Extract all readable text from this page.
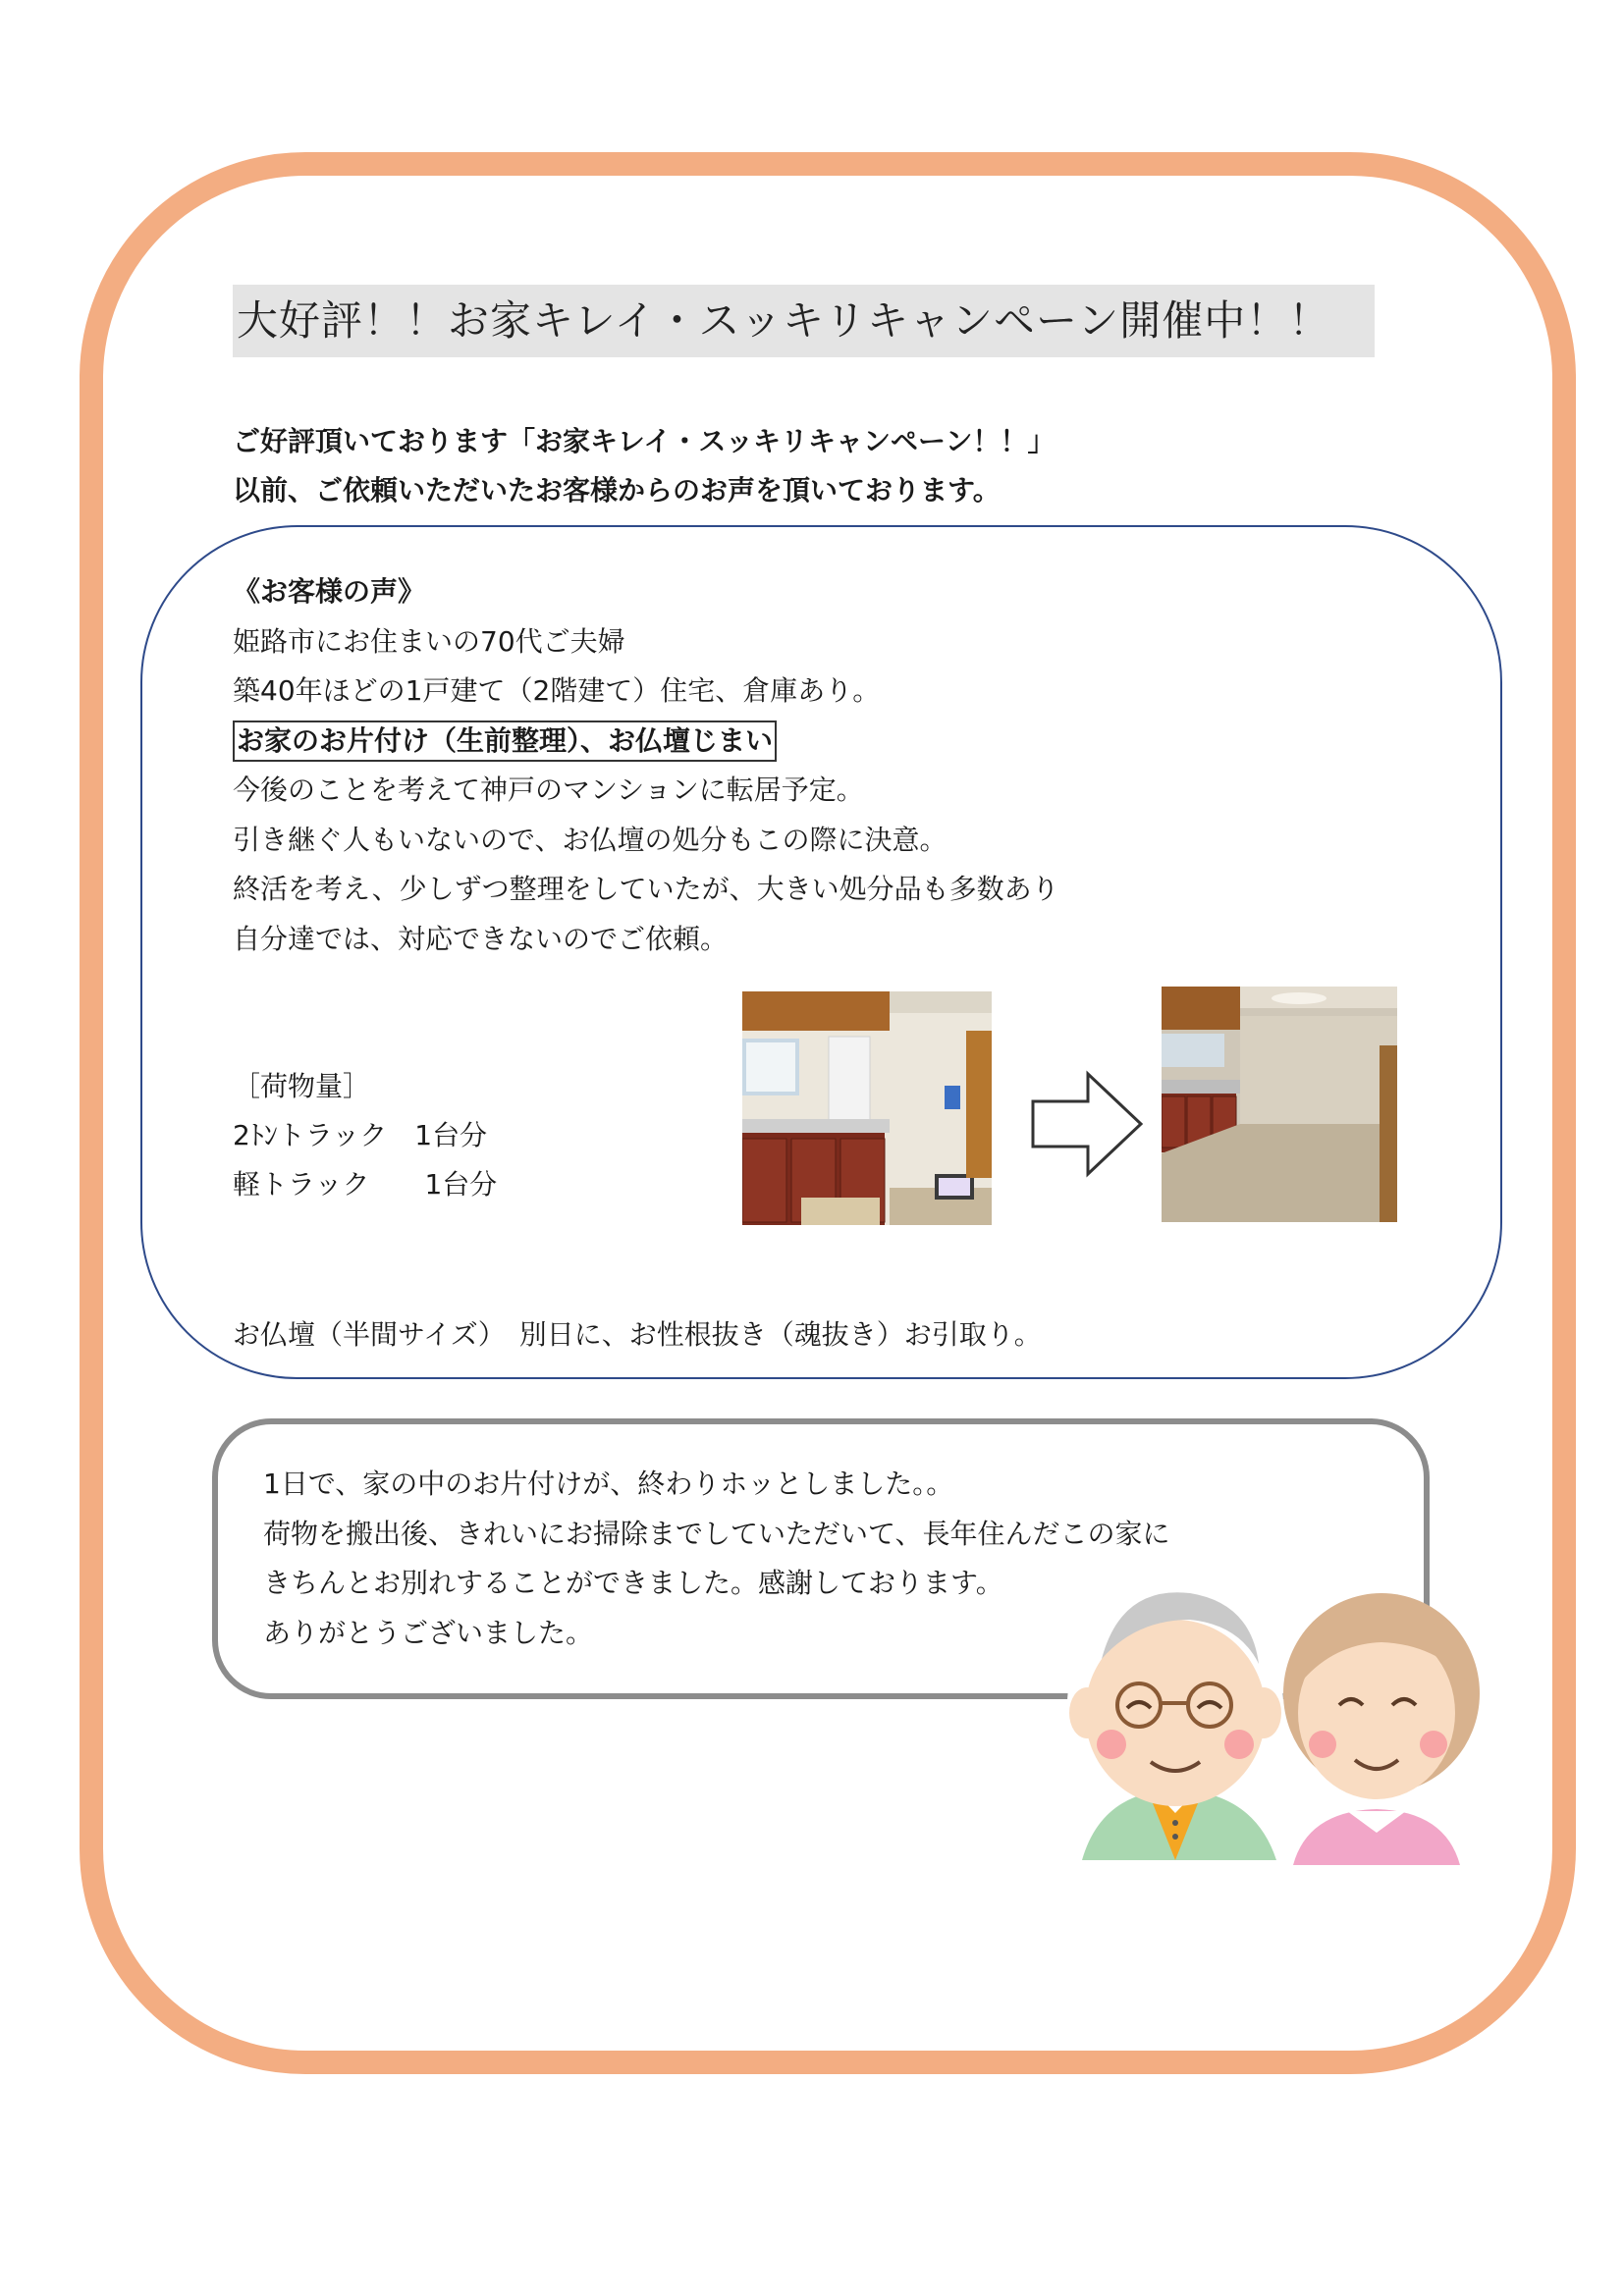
大好評！！お家キレイ・スッキリキャンペーン開催中！！
ご好評頂いております「お家キレイ・スッキリキャンペーン！！」
以前、ご依頼いただいたお客様からのお声を頂いております。
《お客様の声》
姫路市にお住まいの70代ご夫婦
築40年ほどの1戸建て（2階建て）住宅、倉庫あり。
お家のお片付け（生前整理）、お仏壇じまい
今後のことを考えて神戸のマンションに転居予定。
引き継ぐ人もいないので、お仏壇の処分もこの際に決意。
終活を考え、少しずつ整理をしていたが、大きい処分品も多数あり
自分達では、対応できないのでご依頼。
［荷物量］
2ﾄﾝトラック　1台分
軽トラック　　1台分
お仏壇（半間サイズ）　別日に、お性根抜き（魂抜き）お引取り。
1日で、家の中のお片付けが、終わりホッとしました。。
荷物を搬出後、きれいにお掃除までしていただいて、長年住んだこの家に
きちんとお別れすることができました。感謝しております。
ありがとうございました。
